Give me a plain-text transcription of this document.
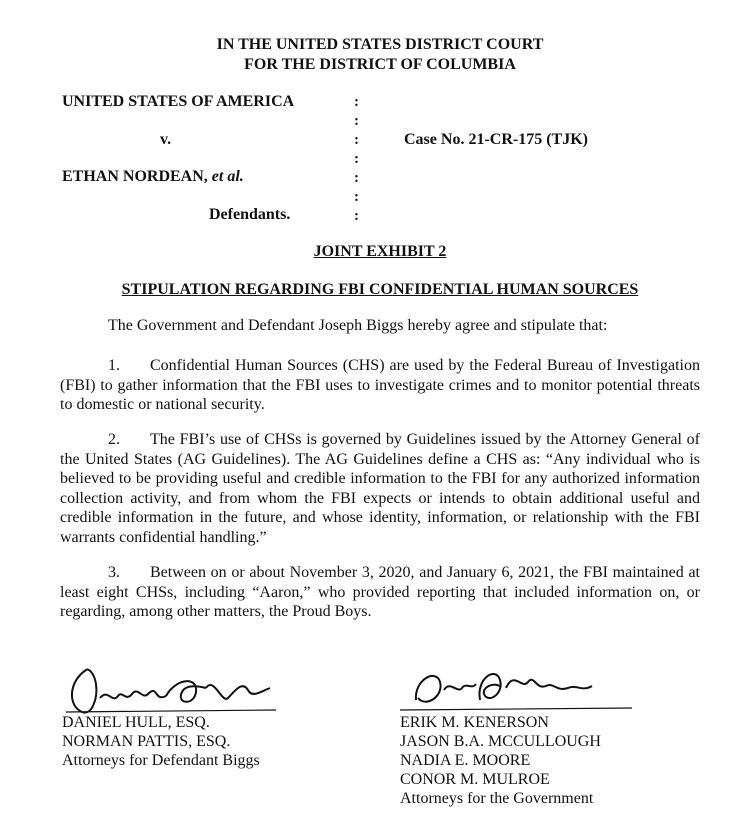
IN THE UNITED STATES DISTRICT COURT
FOR THE DISTRICT OF COLUMBIA
UNITED STATES OF AMERICA
v.
ETHAN NORDEAN, et al.
Defendants.
Case No. 21-CR-175 (TJK)
:
:
:
:
:
:
:
JOINT EXHIBIT 2
STIPULATION REGARDING FBI CONFIDENTIAL HUMAN SOURCES
The Government and Defendant Joseph Biggs hereby agree and stipulate that:
1. Confidential Human Sources (CHS) are used by the Federal Bureau of Investigation (FBI) to gather information that the FBI uses to investigate crimes and to monitor potential threats to domestic or national security.
2. The FBI’s use of CHSs is governed by Guidelines issued by the Attorney General of the United States (AG Guidelines). The AG Guidelines define a CHS as: “Any individual who is believed to be providing useful and credible information to the FBI for any authorized information collection activity, and from whom the FBI expects or intends to obtain additional useful and credible information in the future, and whose identity, information, or relationship with the FBI warrants confidential handling.”
3. Between on or about November 3, 2020, and January 6, 2021, the FBI maintained at least eight CHSs, including “Aaron,” who provided reporting that included information on, or regarding, among other matters, the Proud Boys.
DANIEL HULL, ESQ.
NORMAN PATTIS, ESQ.
Attorneys for Defendant Biggs
ERIK M. KENERSON
JASON B.A. MCCULLOUGH
NADIA E. MOORE
CONOR M. MULROE
Attorneys for the Government
